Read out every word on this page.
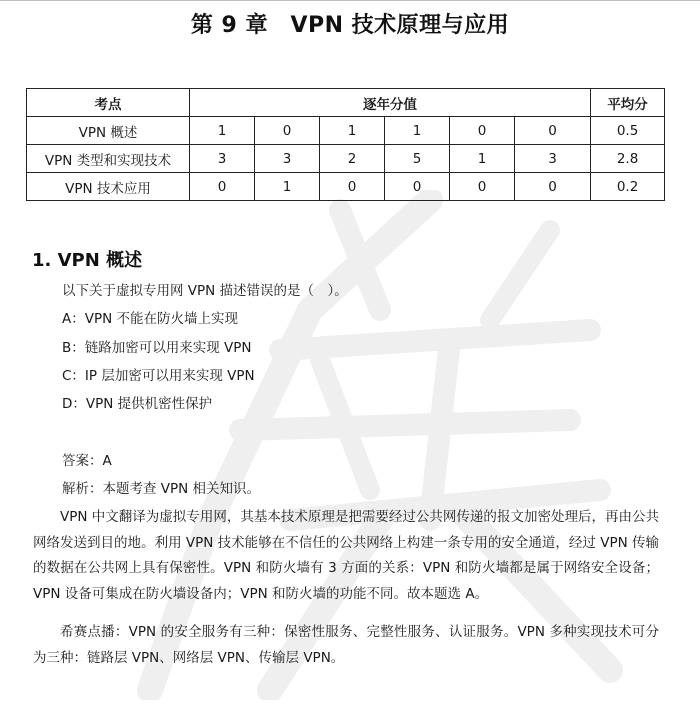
第 9 章　VPN 技术原理与应用
考点	逐年分值						平均分
VPN 概述	1	0	1	1	0	0	0.5
VPN 类型和实现技术	3	3	2	5	1	3	2.8
VPN 技术应用	0	1	0	0	0	0	0.2
1. VPN 概述
以下关于虚拟专用网 VPN 描述错误的是（　）。
A：VPN 不能在防火墙上实现
B：链路加密可以用来实现 VPN
C：IP 层加密可以用来实现 VPN
D：VPN 提供机密性保护
答案：A
解析：本题考查 VPN 相关知识。

VPN 中文翻译为虚拟专用网，其基本技术原理是把需要经过公共网传递的报文加密处理后，再由公共网络发送到目的地。利用 VPN 技术能够在不信任的公共网络上构建一条专用的安全通道，经过 VPN 传输的数据在公共网上具有保密性。VPN 和防火墙有 3 方面的关系：VPN 和防火墙都是属于网络安全设备；VPN 设备可集成在防火墙设备内；VPN 和防火墙的功能不同。故本题选 A。

希赛点播：VPN 的安全服务有三种：保密性服务、完整性服务、认证服务。VPN 多种实现技术可分为三种：链路层 VPN、网络层 VPN、传输层 VPN。
